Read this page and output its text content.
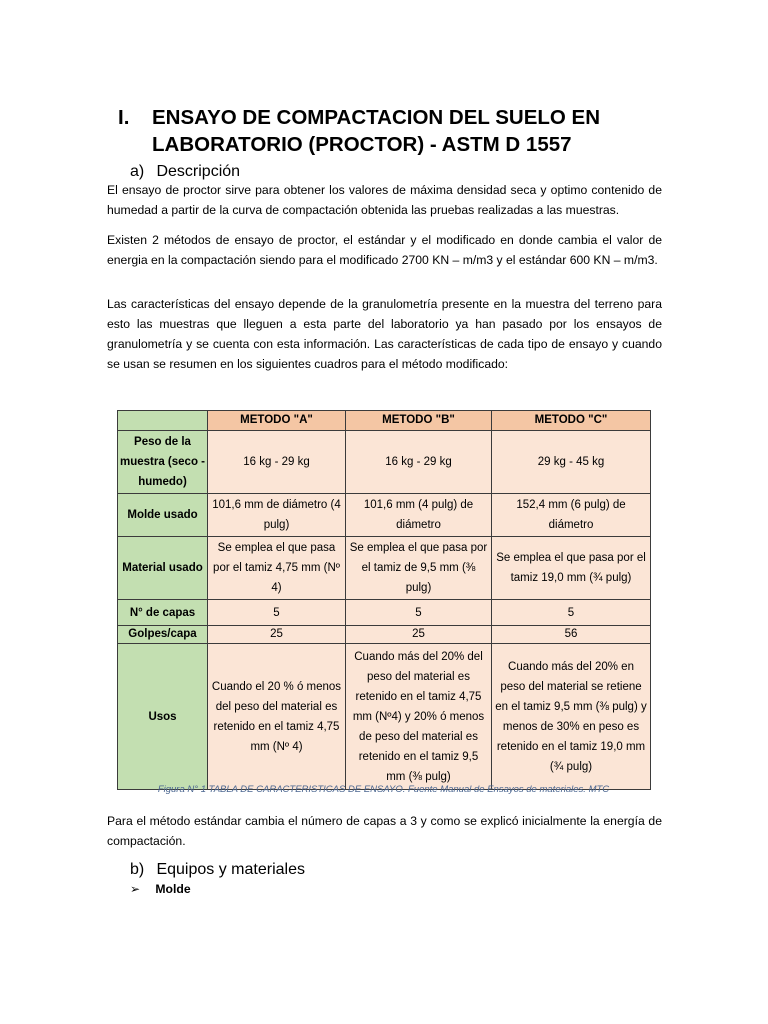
I. ENSAYO DE COMPACTACION DEL SUELO EN
LABORATORIO (PROCTOR) - ASTM D 1557
a) Descripción
El ensayo de proctor sirve para obtener los valores de máxima densidad seca y optimo contenido de humedad a partir de la curva de compactación obtenida las pruebas realizadas a las muestras.
Existen 2 métodos de ensayo de proctor, el estándar y el modificado en donde cambia el valor de energia en la compactación siendo para el modificado 2700 KN – m/m3 y el estándar 600 KN – m/m3.
Las características del ensayo depende de la granulometría presente en la muestra del terreno para esto las muestras que lleguen a esta parte del laboratorio ya han pasado por los ensayos de granulometría y se cuenta con esta información. Las características de cada tipo de ensayo y cuando se usan se resumen en los siguientes cuadros para el método modificado:
	METODO "A"	METODO "B"	METODO "C"
Peso de la muestra (seco - humedo)	16 kg - 29 kg	16 kg - 29 kg	29 kg - 45 kg
Molde usado	101,6 mm de diámetro (4 pulg)	101,6 mm (4 pulg) de diámetro	152,4 mm (6 pulg) de diámetro
Material usado	Se emplea el que pasa por el tamiz 4,75 mm (Nº 4)	Se emplea el que pasa por el tamiz de 9,5 mm (⅜ pulg)	Se emplea el que pasa por el tamiz 19,0 mm (¾ pulg)
N° de capas	5	5	5
Golpes/capa	25	25	56
Usos	Cuando el 20 % ó menos del peso del material es retenido en el tamiz 4,75 mm (Nº 4)	Cuando más del 20% del peso del material es retenido en el tamiz 4,75 mm (Nº4) y 20% ó menos de peso del material es retenido en el tamiz 9,5 mm (⅜ pulg)	Cuando más del 20% en peso del material se retiene en el tamiz 9,5 mm (⅜ pulg) y menos de 30% en peso es retenido en el tamiz 19,0 mm (¾ pulg)
Figura N° 1 TABLA DE CARACTERISTICAS DE ENSAYO. Fuente Manual de Ensayos de materiales. MTC
Para el método estándar cambia el número de capas a 3 y como se explicó inicialmente la energía de compactación.
b) Equipos y materiales
➢ Molde
